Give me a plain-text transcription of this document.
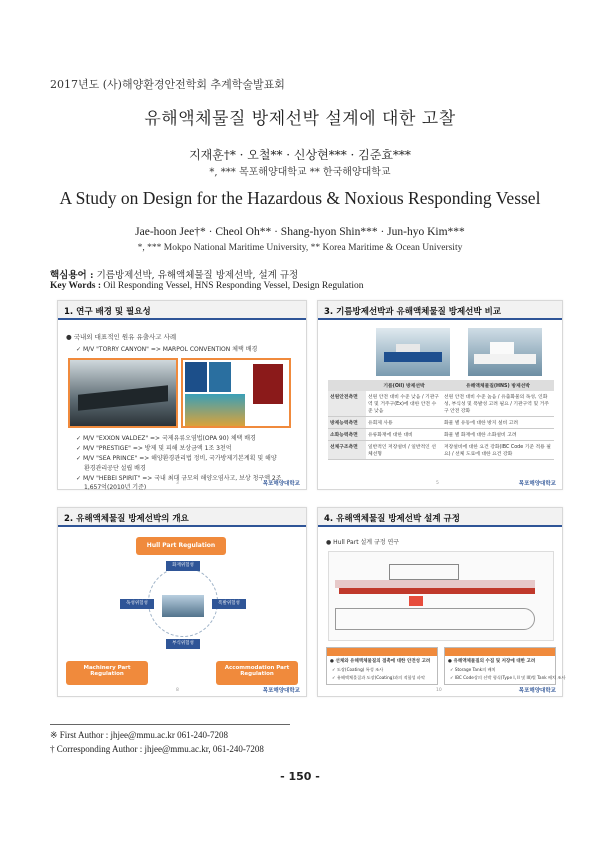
2017년도 (사)해양환경안전학회 추계학술발표회
유해액체물질 방제선박 설계에 대한 고찰
지재훈†* · 오철** · 신상현*** · 김준효***
*, *** 목포해양대학교 ** 한국해양대학교
A Study on Design for the Hazardous & Noxious Responding Vessel
Jae-hoon Jee†* · Cheol Oh** · Shang-hyon Shin*** · Jun-hyo Kim***
*, *** Mokpo National Maritime University, ** Korea Maritime & Ocean University
핵심용어 : 기름방제선박, 유해액체물질 방제선박, 설계 규정
Key Words : Oil Responding Vessel, HNS Responding Vessel, Design Regulation
1. 연구 배경 및 필요성
● 국내외 대표적인 원유 유출사고 사례
✓ M/V "TORRY CANYON" => MARPOL CONVENTION 체택 배경
✓ M/V "EXXON VALDEZ" => 국제유류오염법(OPA 90) 체택 배경
✓ M/V "PRESTIGE" => 방제 및 피해 보상금액 1조 3천억
✓ M/V "SEA PRINCE" => 해양환경관리법 정비, 국가방제기본계획 및 해양
환경관리공단 설립 배경
✓ M/V "HEBEI SPIRIT" => 국내 최대 규모의 해양오염사고, 보상 청구액 2조
1,657억(2010년 기준)
3	목포해양대학교
3. 기름방제선박과 유해액체물질 방제선박 비교
	기름(Oil) 방제선박	유해액체물질(HNS) 방제선박
선원안전측면	선원 안전 대비 수준 낮음 / 기관구역 및 거주구(Ex)에 대한 안전 수준 낮음	선원 안전 대비 수준 높음 / 유출화물의 독성, 인화성, 부식성 및 폭발성 고려 필요 / 기관구역 및 거주구 안전 강화
방제능력측면	유회제 사용	화물 별 유동에 대한 방지 설비 고려
소화능력측면	유류화재에 대한 대비	화물 별 화재에 대한 소화설비 고려
선체구조측면	일반적인 저장설비 / 일반적인 선체선형	저장설비에 대한 요건 강화(IBC Code 기준 적용 필요) / 선체 도료에 대한 요건 강화
5	목포해양대학교
2. 유해액체물질 방제선박의 개요
Hull Part Regulation
화재위험성
독성위험성	폭발위험성
부식위험성
Machinery Part Regulation
Accommodation Part Regulation
8	목포해양대학교
4. 유해액체물질 방제선박 설계 규정
● Hull Part 설계 규정 연구
● 선체와 유해액체물질의 접촉에 대한 안전성 고려
✓ 도장(Coating) 특성 조사
✓ 유해액체물질과 도장(Coating)과의 적합성 파악
● 유해액체물질의 수집 및 저장에 대한 고려
✓ Storage Tank의 배치
✓ IBC Code상의 선박 형식(Type I, II 및 III)별 Tank 배치 조사
10	목포해양대학교
※ First Author : jhjee@mmu.ac.kr 061-240-7208
† Corresponding Author : jhjee@mmu.ac.kr, 061-240-7208
- 150 -
